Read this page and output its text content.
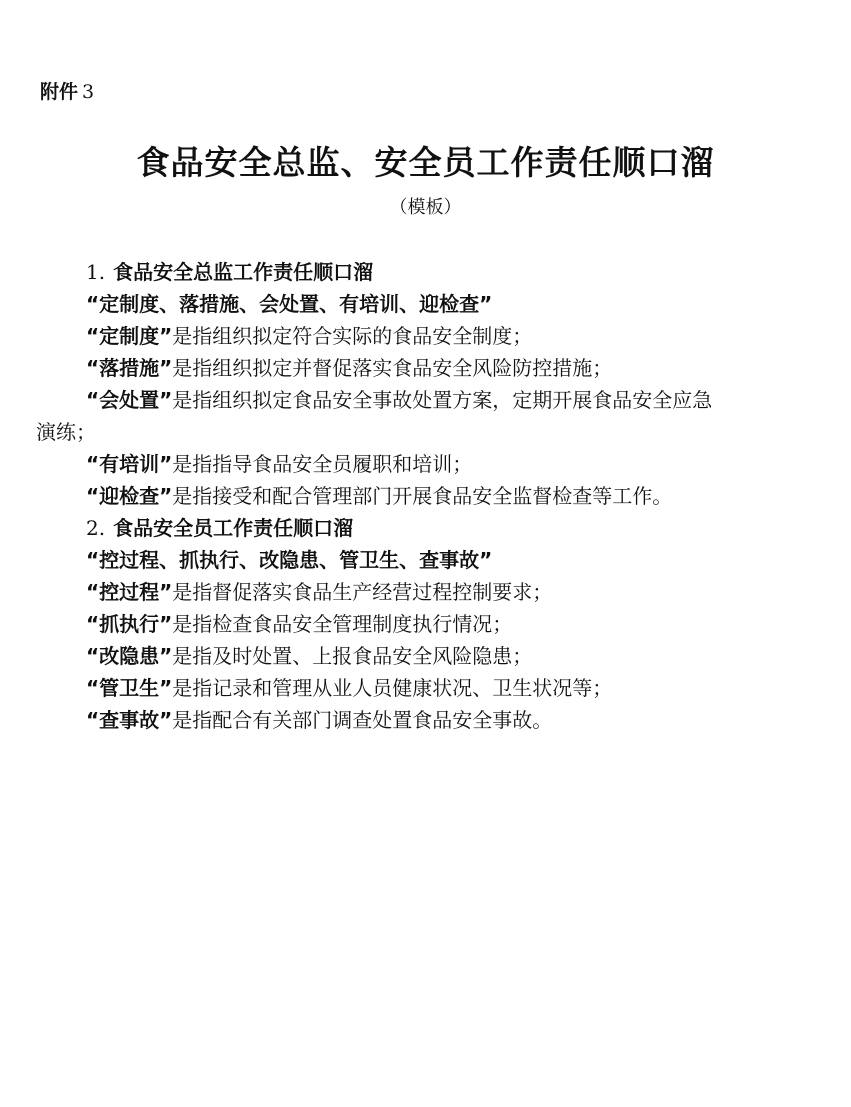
附件 3
食品安全总监、安全员工作责任顺口溜
（模板）
1. 食品安全总监工作责任顺口溜
“定制度、落措施、会处置、有培训、迎检查”
“定制度”是指组织拟定符合实际的食品安全制度；
“落措施”是指组织拟定并督促落实食品安全风险防控措施；
“会处置”是指组织拟定食品安全事故处置方案，定期开展食品安全应急
演练；
“有培训”是指指导食品安全员履职和培训；
“迎检查”是指接受和配合管理部门开展食品安全监督检查等工作。
2. 食品安全员工作责任顺口溜
“控过程、抓执行、改隐患、管卫生、查事故”
“控过程”是指督促落实食品生产经营过程控制要求；
“抓执行”是指检查食品安全管理制度执行情况；
“改隐患”是指及时处置、上报食品安全风险隐患；
“管卫生”是指记录和管理从业人员健康状况、卫生状况等；
“查事故”是指配合有关部门调查处置食品安全事故。
